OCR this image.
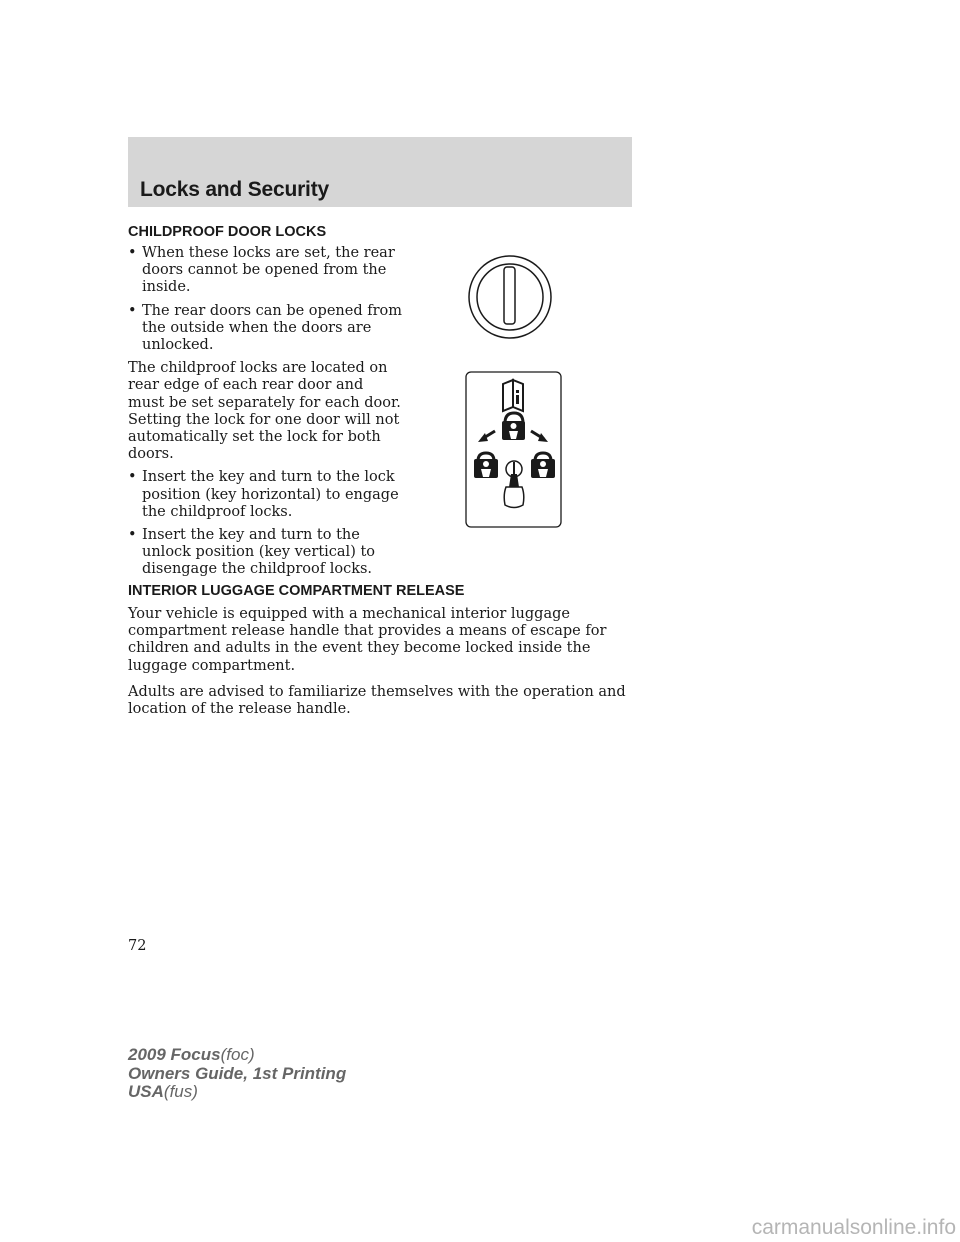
Locks and Security
CHILDPROOF DOOR LOCKS

• When these locks are set, the rear doors cannot be opened from the inside.

• The rear doors can be opened from the outside when the doors are unlocked.

The childproof locks are located on rear edge of each rear door and must be set separately for each door. Setting the lock for one door will not automatically set the lock for both doors.

• Insert the key and turn to the lock position (key horizontal) to engage the childproof locks.

• Insert the key and turn to the unlock position (key vertical) to disengage the childproof locks.

INTERIOR LUGGAGE COMPARTMENT RELEASE

Your vehicle is equipped with a mechanical interior luggage compartment release handle that provides a means of escape for children and adults in the event they become locked inside the luggage compartment.

Adults are advised to familiarize themselves with the operation and location of the release handle.

72

2009 Focus(foc)
Owners Guide, 1st Printing
USA(fus)

carmanualsonline.info
